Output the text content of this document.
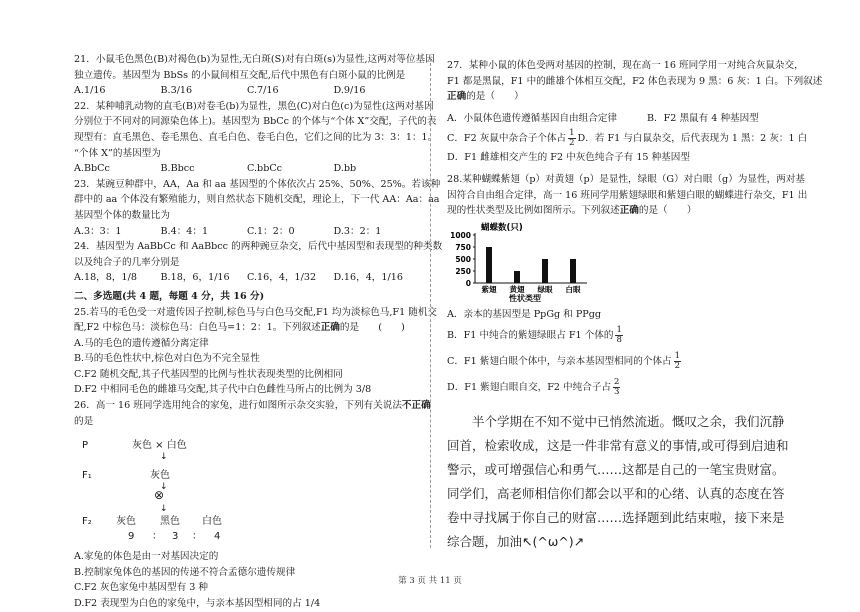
21．小鼠毛色黑色(B)对褐色(b)为显性,无白斑(S)对有白斑(s)为显性,这两对等位基因
独立遗传。基因型为 BbSs 的小鼠间相互交配,后代中黑色有白斑小鼠的比例是
A.1/16	B.3/16	C.7/16	D.9/16
22．某种哺乳动物的直毛(B)对卷毛(b)为显性，黑色(C)对白色(c)为显性(这两对基因
分别位于不同对的同源染色体上)。基因型为 BbCc 的个体与“个体 X”交配，子代的表
现型有：直毛黑色、卷毛黑色、直毛白色、卷毛白色，它们之间的比为 3：3：1：1。
“个体 X”的基因型为
A.BbCc	B.Bbcc	C.bbCc	D.bb
23．某豌豆种群中，AA，Aa 和 aa 基因型的个体依次占 25%、50%、25%。若该种
群中的 aa 个体没有繁殖能力，则自然状态下随机交配，理论上，下一代 AA：Aa：aa
基因型个体的数量比为
A.3：3：1	B.4：4：1	C.1：2：0	D.3：2：1
24．基因型为 AaBbCc 和 AaBbcc 的两种豌豆杂交，后代中基因型和表现型的种类数
以及纯合子的几率分别是
A.18，8，1/8	B.18，6，1/16	C.16，4，1/32	D.16，4，1/16
二、多选题(共 4 题，每题 4 分，共 16 分)
25.若马的毛色受一对遗传因子控制,棕色马与白色马交配,F1 均为淡棕色马,F1 随机交
配,F2 中棕色马：淡棕色马：白色马=1：2：1。下列叙述正确的是　　(　　)
A.马的毛色的遗传遵循分离定律
B.马的毛色性状中,棕色对白色为不完全显性
C.F2 随机交配,其子代基因型的比例与性状表现类型的比例相同
D.F2 中相同毛色的雌雄马交配,其子代中白色雌性马所占的比例为 3/8
26．高一 16 班同学选用纯合的家兔，进行如图所示杂交实验，下列有关说法不正确
的是
P	灰色 × 白色
↓
F₁	灰色
↓
⊗
↓
F₂ 灰色 黑色 白色
9 ： 3 ： 4
A.家兔的体色是由一对基因决定的
B.控制家兔体色的基因的传递不符合孟德尔遗传规律
C.F2 灰色家兔中基因型有 3 种
D.F2 表现型为白色的家兔中，与亲本基因型相同的占 1/4
27．某种小鼠的体色受两对基因的控制，现在高一 16 班同学用一对纯合灰鼠杂交，
F1 都是黑鼠，F1 中的雌雄个体相互交配，F2 体色表现为 9 黑：6 灰：1 白。下列叙述
正确的是（　　）
A．小鼠体色遗传遵循基因自由组合定律	B．F2 黑鼠有 4 种基因型
C．F2 灰鼠中杂合子个体占 $\frac{1}{2}$ D．若 F1 与白鼠杂交，后代表现为 1 黑：2 灰：1 白
D．F1 雌雄相交产生的 F2 中灰色纯合子有 15 种基因型
28.某种蝴蝶紫翅（p）对黄翅（p）是显性，绿眼（G）对白眼（g）为显性，两对基
因符合自由组合定律，高一 16 班同学用紫翅绿眼和紫翅白眼的蝴蝶进行杂交，F1 出
现的性状类型及比例如图所示。下列叙述正确的是（　　）
蝴蝶数(只)
0
250
500
750
1000
紫翅 黄翅 绿眼 白眼
性状类型
A．亲本的基因型是 PpGg 和 PPgg
B．F1 中纯合的紫翅绿眼占 F1 个体的 $\frac{1}{8}$
C．F1 紫翅白眼个体中，与亲本基因型相同的个体占 $\frac{1}{2}$
D．F1 紫翅白眼自交，F2 中纯合子占 $\frac{2}{3}$
半个学期在不知不觉中已悄然流逝。慨叹之余，我们沉静回首，检索收成，这是一件非常有意义的事情,或可得到启迪和警示，或可增强信心和勇气……这都是自己的一笔宝贵财富。同学们，高老师相信你们都会以平和的心绪、认真的态度在答卷中寻找属于你自己的财富……选择题到此结束啦，接下来是综合题，加油↖(^ω^)↗
第 3 页 共 11 页
